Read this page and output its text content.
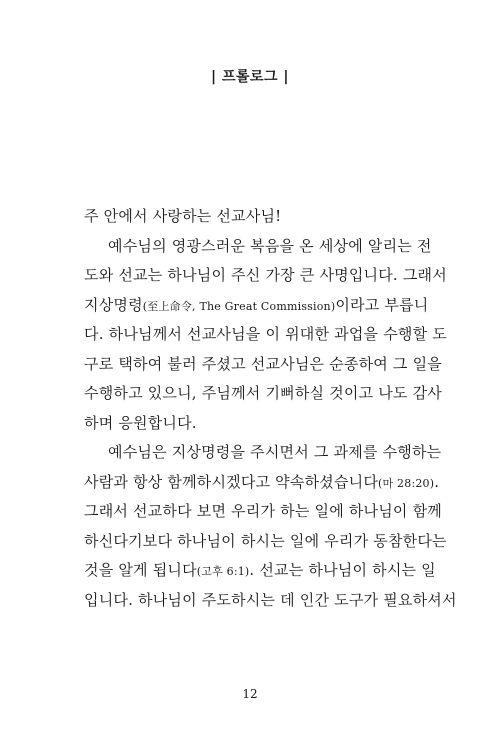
| 프롤로그 |
주 안에서 사랑하는 선교사님!
예수님의 영광스러운 복음을 온 세상에 알리는 전
도와 선교는 하나님이 주신 가장 큰 사명입니다. 그래서
지상명령(至上命令, The Great Commission)이라고 부릅니
다. 하나님께서 선교사님을 이 위대한 과업을 수행할 도
구로 택하여 불러 주셨고 선교사님은 순종하여 그 일을
수행하고 있으니, 주님께서 기뻐하실 것이고 나도 감사
하며 응원합니다.
예수님은 지상명령을 주시면서 그 과제를 수행하는
사람과 항상 함께하시겠다고 약속하셨습니다(마 28:20).
그래서 선교하다 보면 우리가 하는 일에 하나님이 함께
하신다기보다 하나님이 하시는 일에 우리가 동참한다는
것을 알게 됩니다(고후 6:1). 선교는 하나님이 하시는 일
입니다. 하나님이 주도하시는 데 인간 도구가 필요하셔서
12
